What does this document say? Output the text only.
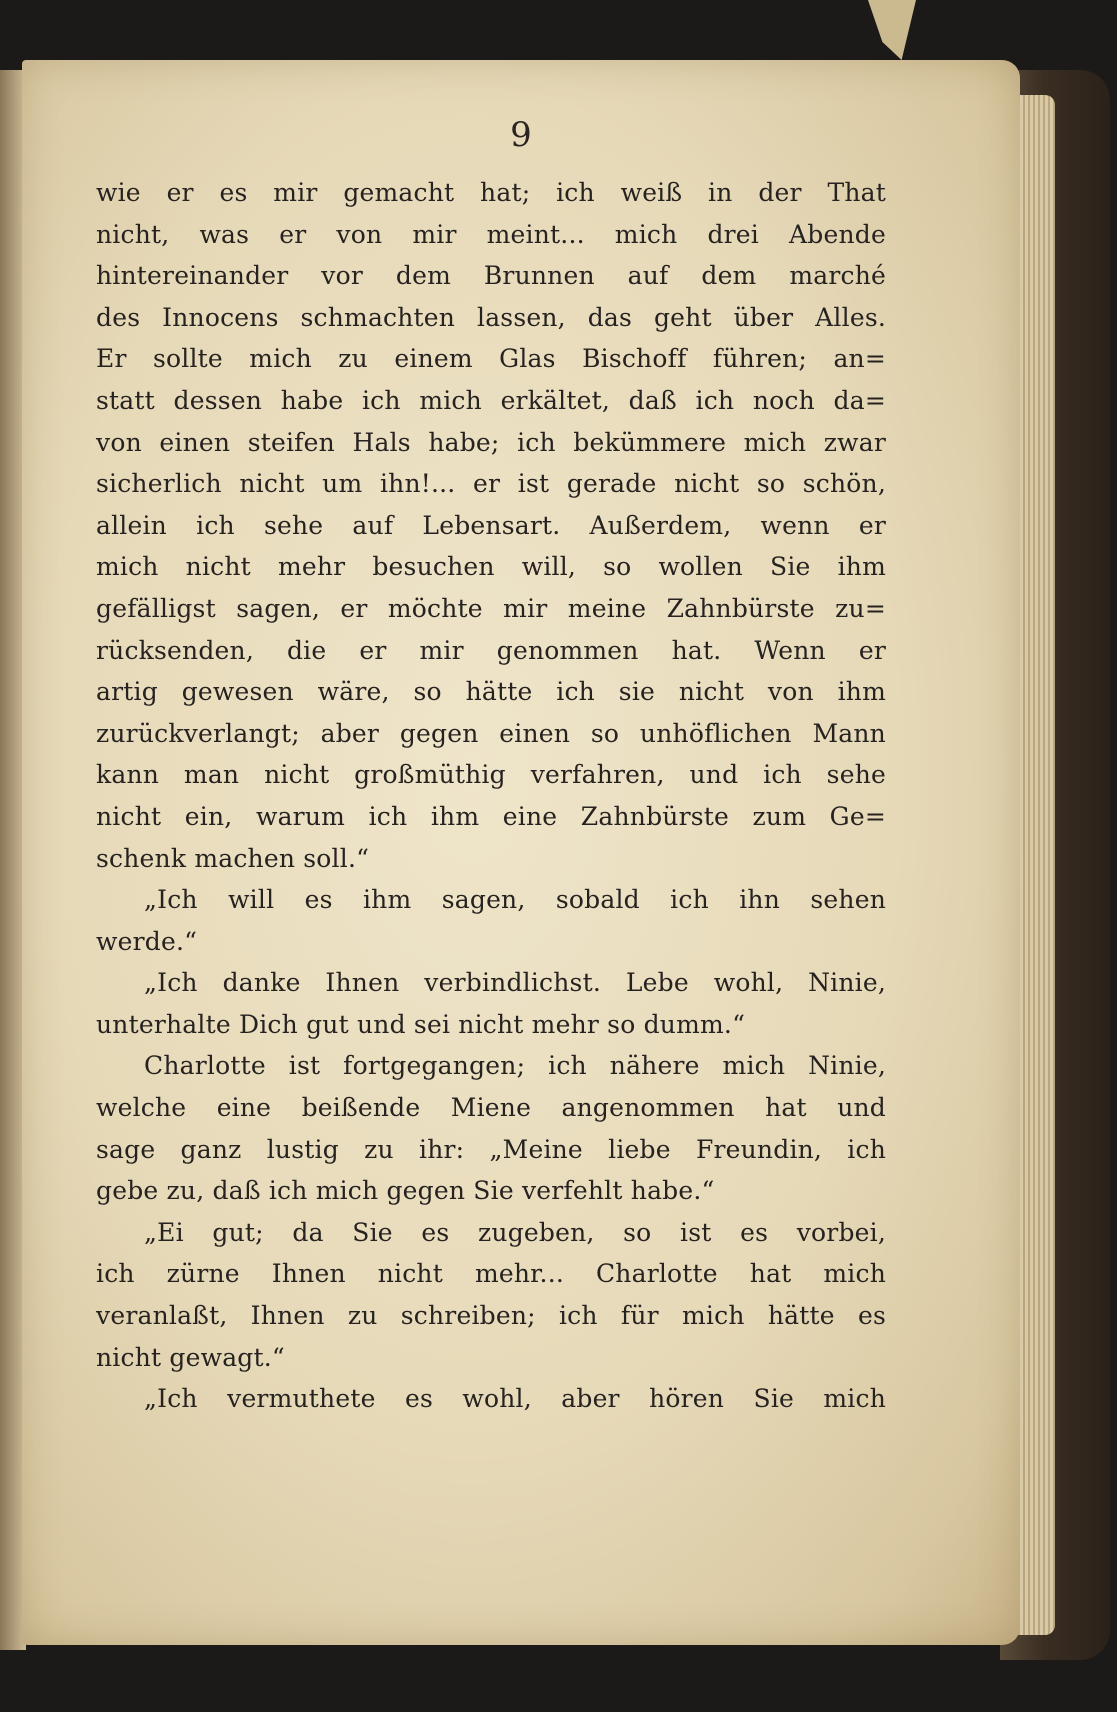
9
wie er es mir gemacht hat; ich weiß in der That
nicht, was er von mir meint... mich drei Abende
hintereinander vor dem Brunnen auf dem marché
des Innocens schmachten lassen, das geht über Alles.
Er sollte mich zu einem Glas Bischoff führen; an=
statt dessen habe ich mich erkältet, daß ich noch da=
von einen steifen Hals habe; ich bekümmere mich zwar
sicherlich nicht um ihn!... er ist gerade nicht so schön,
allein ich sehe auf Lebensart. Außerdem, wenn er
mich nicht mehr besuchen will, so wollen Sie ihm
gefälligst sagen, er möchte mir meine Zahnbürste zu=
rücksenden, die er mir genommen hat. Wenn er
artig gewesen wäre, so hätte ich sie nicht von ihm
zurückverlangt; aber gegen einen so unhöflichen Mann
kann man nicht großmüthig verfahren, und ich sehe
nicht ein, warum ich ihm eine Zahnbürste zum Ge=
schenk machen soll.“
„Ich will es ihm sagen, sobald ich ihn sehen
werde.“
„Ich danke Ihnen verbindlichst. Lebe wohl, Ninie,
unterhalte Dich gut und sei nicht mehr so dumm.“
Charlotte ist fortgegangen; ich nähere mich Ninie,
welche eine beißende Miene angenommen hat und
sage ganz lustig zu ihr: „Meine liebe Freundin, ich
gebe zu, daß ich mich gegen Sie verfehlt habe.“
„Ei gut; da Sie es zugeben, so ist es vorbei,
ich zürne Ihnen nicht mehr... Charlotte hat mich
veranlaßt, Ihnen zu schreiben; ich für mich hätte es
nicht gewagt.“
„Ich vermuthete es wohl, aber hören Sie mich
